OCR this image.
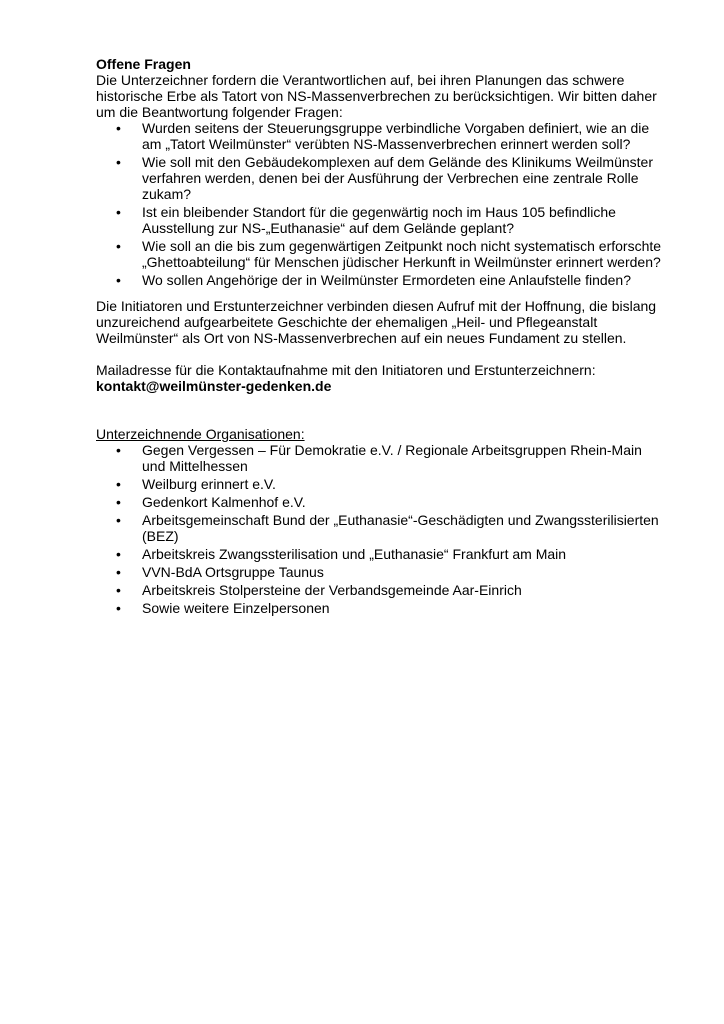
Offene Fragen

Die Unterzeichner fordern die Verantwortlichen auf, bei ihren Planungen das schwere historische Erbe als Tatort von NS-Massenverbrechen zu berücksichtigen. Wir bitten daher um die Beantwortung folgender Fragen:

• Wurden seitens der Steuerungsgruppe verbindliche Vorgaben definiert, wie an die am „Tatort Weilmünster“ verübten NS-Massenverbrechen erinnert werden soll?
• Wie soll mit den Gebäudekomplexen auf dem Gelände des Klinikums Weilmünster verfahren werden, denen bei der Ausführung der Verbrechen eine zentrale Rolle zukam?
• Ist ein bleibender Standort für die gegenwärtig noch im Haus 105 befindliche Ausstellung zur NS-„Euthanasie“ auf dem Gelände geplant?
• Wie soll an die bis zum gegenwärtigen Zeitpunkt noch nicht systematisch erforschte „Ghettoabteilung“ für Menschen jüdischer Herkunft in Weilmünster erinnert werden?
• Wo sollen Angehörige der in Weilmünster Ermordeten eine Anlaufstelle finden?

Die Initiatoren und Erstunterzeichner verbinden diesen Aufruf mit der Hoffnung, die bislang unzureichend aufgearbeitete Geschichte der ehemaligen „Heil- und Pflegeanstalt Weilmünster“ als Ort von NS-Massenverbrechen auf ein neues Fundament zu stellen.

Mailadresse für die Kontaktaufnahme mit den Initiatoren und Erstunterzeichnern:

kontakt@weilmünster-gedenken.de

Unterzeichnende Organisationen:

• Gegen Vergessen – Für Demokratie e.V. / Regionale Arbeitsgruppen Rhein-Main und Mittelhessen
• Weilburg erinnert e.V.
• Gedenkort Kalmenhof e.V.
• Arbeitsgemeinschaft Bund der „Euthanasie“-Geschädigten und Zwangssterilisierten (BEZ)
• Arbeitskreis Zwangssterilisation und „Euthanasie“ Frankfurt am Main
• VVN-BdA Ortsgruppe Taunus
• Arbeitskreis Stolpersteine der Verbandsgemeinde Aar-Einrich
• Sowie weitere Einzelpersonen
